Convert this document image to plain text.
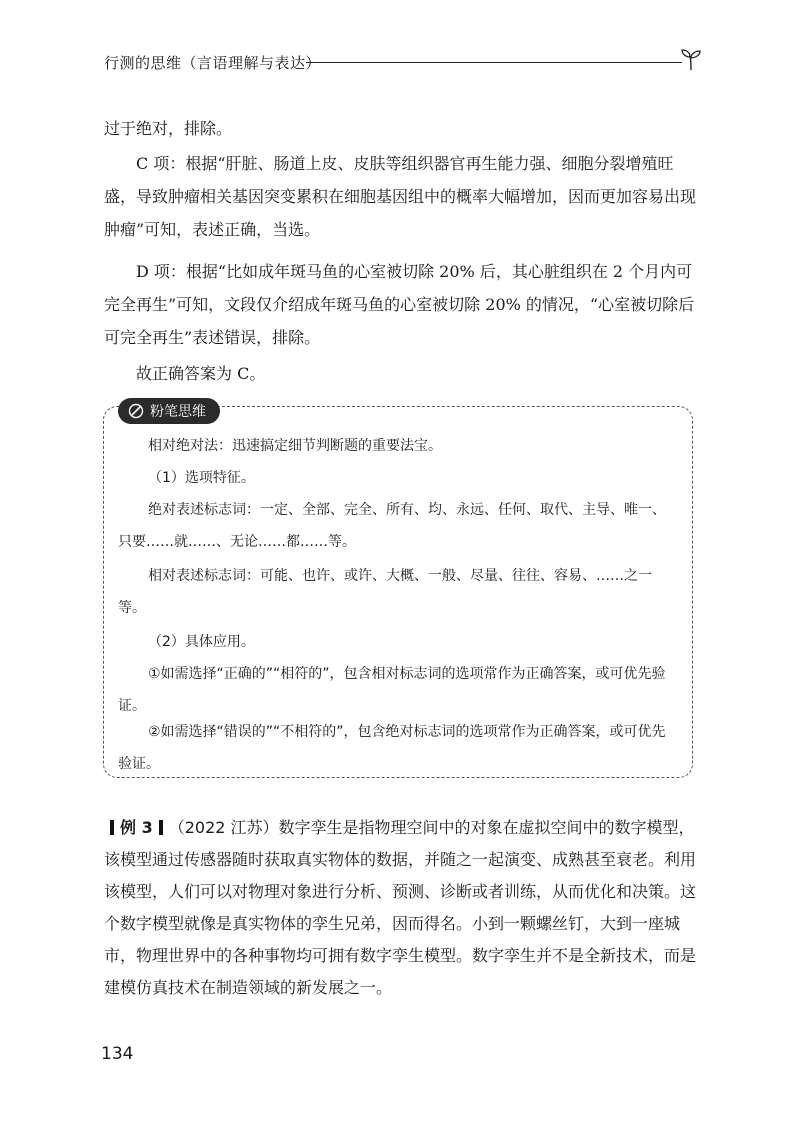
行测的思维（言语理解与表达）

过于绝对，排除。

C 项：根据“肝脏、肠道上皮、皮肤等组织器官再生能力强、细胞分裂增殖旺盛，导致肿瘤相关基因突变累积在细胞基因组中的概率大幅增加，因而更加容易出现肿瘤”可知，表述正确，当选。

D 项：根据“比如成年斑马鱼的心室被切除 20% 后，其心脏组织在 2 个月内可完全再生”可知，文段仅介绍成年斑马鱼的心室被切除 20% 的情况，“心室被切除后可完全再生”表述错误，排除。

故正确答案为 C。

粉笔思维

相对绝对法：迅速搞定细节判断题的重要法宝。

（1）选项特征。

绝对表述标志词：一定、全部、完全、所有、均、永远、任何、取代、主导、唯一、只要……就……、无论……都……等。

相对表述标志词：可能、也许、或许、大概、一般、尽量、往往、容易、……之一等。

（2）具体应用。

①如需选择“正确的”“相符的”，包含相对标志词的选项常作为正确答案，或可优先验证。

②如需选择“错误的”“不相符的”，包含绝对标志词的选项常作为正确答案，或可优先验证。

例 3 （2022 江苏）数字孪生是指物理空间中的对象在虚拟空间中的数字模型，该模型通过传感器随时获取真实物体的数据，并随之一起演变、成熟甚至衰老。利用该模型，人们可以对物理对象进行分析、预测、诊断或者训练，从而优化和决策。这个数字模型就像是真实物体的孪生兄弟，因而得名。小到一颗螺丝钉，大到一座城市，物理世界中的各种事物均可拥有数字孪生模型。数字孪生并不是全新技术，而是建模仿真技术在制造领域的新发展之一。

134
